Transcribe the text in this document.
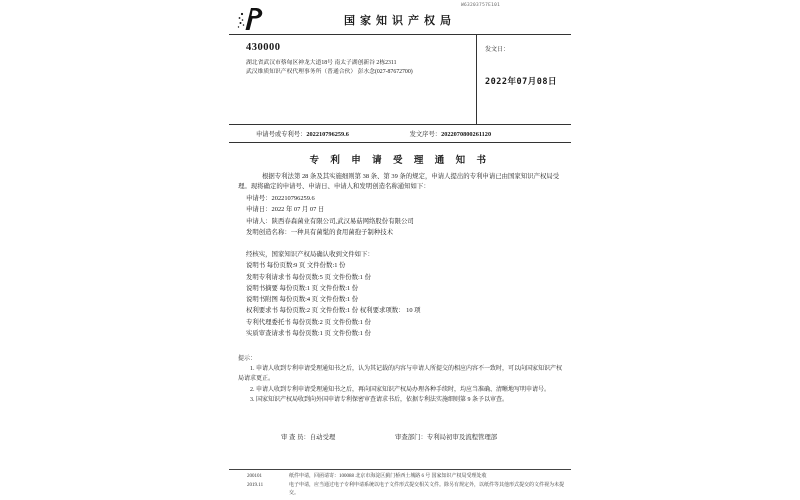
W63203757E101
国家知识产权局
430000
湖北省武汉市蔡甸区神龙大道18号 南太子湖创新谷 2栋2311
武汉维质知识产权代理事务所（普通合伙） 彭水念(027-87672700)
发文日：
2022年07月08日
申请号或专利号：202210796259.6	发文序号：2022070800261120
专 利 申 请 受 理 通 知 书
根据专利法第 28 条及其实施细则第 38 条、第 39 条的规定，申请人提出的专利申请已由国家知识产权局受理。现将确定的申请号、申请日、申请人和发明创造名称通知如下：
申请号：202210796259.6
申请日：2022 年 07 月 07 日
申请人：陕西春森菌业有限公司,武汉易菇网络股份有限公司
发明创造名称：一种具有菌髦的食用菌孢子制种技术
经核实，国家知识产权局确认收到文件如下：
说明书 每份页数:9 页 文件份数:1 份
发明专利请求书 每份页数:5 页 文件份数:1 份
说明书摘要 每份页数:1 页 文件份数:1 份
说明书附图 每份页数:4 页 文件份数:1 份
权利要求书 每份页数:2 页 文件份数:1 份 权利要求项数： 10 项
专利代理委托书 每份页数:2 页 文件份数:1 份
实质审查请求书 每份页数:1 页 文件份数:1 份
提示：
1. 申请人收到专利申请受理通知书之后，认为其记载的内容与申请人所提交的相应内容不一致时，可以向国家知识产权局请求更正。
2. 申请人收到专利申请受理通知书之后，再向国家知识产权局办理各种手续时，均应当准确、清晰地写明申请号。
3. 国家知识产权局收到向外国申请专利保密审查请求书后，依据专利法实施细则第 9 条予以审查。
审 查 员：自动受理	审查部门：专利局初审及流程管理部
200101	纸件申请，回函请寄：100088 北京市海淀区蓟门桥西土城路 6 号 国家知识产权局受理处收
2019.11	电子申请，应当通过电子专利申请系统以电子文件形式提交相关文件。除另有规定外，以纸件等其他形式提交的文件视为未提交。
